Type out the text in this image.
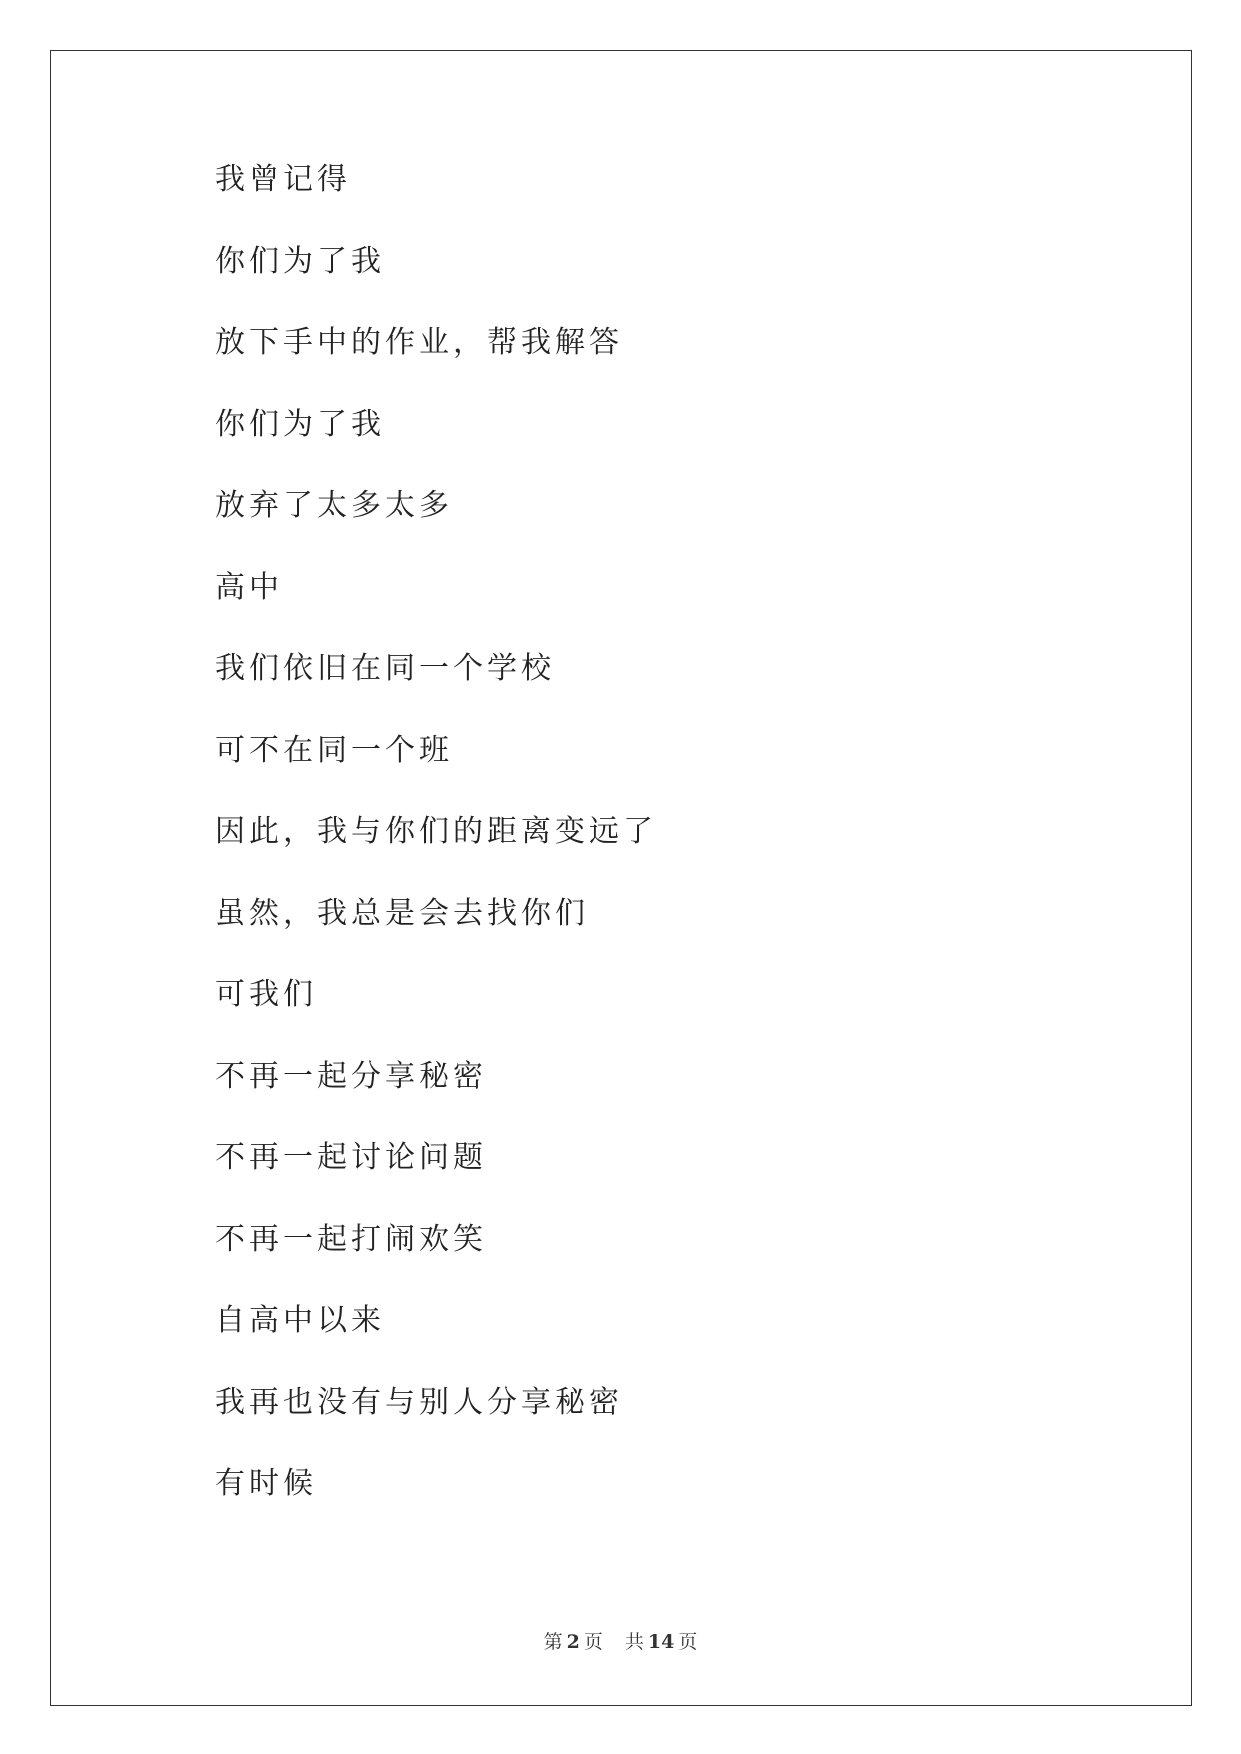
我曾记得
你们为了我
放下手中的作业，帮我解答
你们为了我
放弃了太多太多
高中
我们依旧在同一个学校
可不在同一个班
因此，我与你们的距离变远了
虽然，我总是会去找你们
可我们
不再一起分享秘密
不再一起讨论问题
不再一起打闹欢笑
自高中以来
我再也没有与别人分享秘密
有时候
第 2 页 共 14 页
